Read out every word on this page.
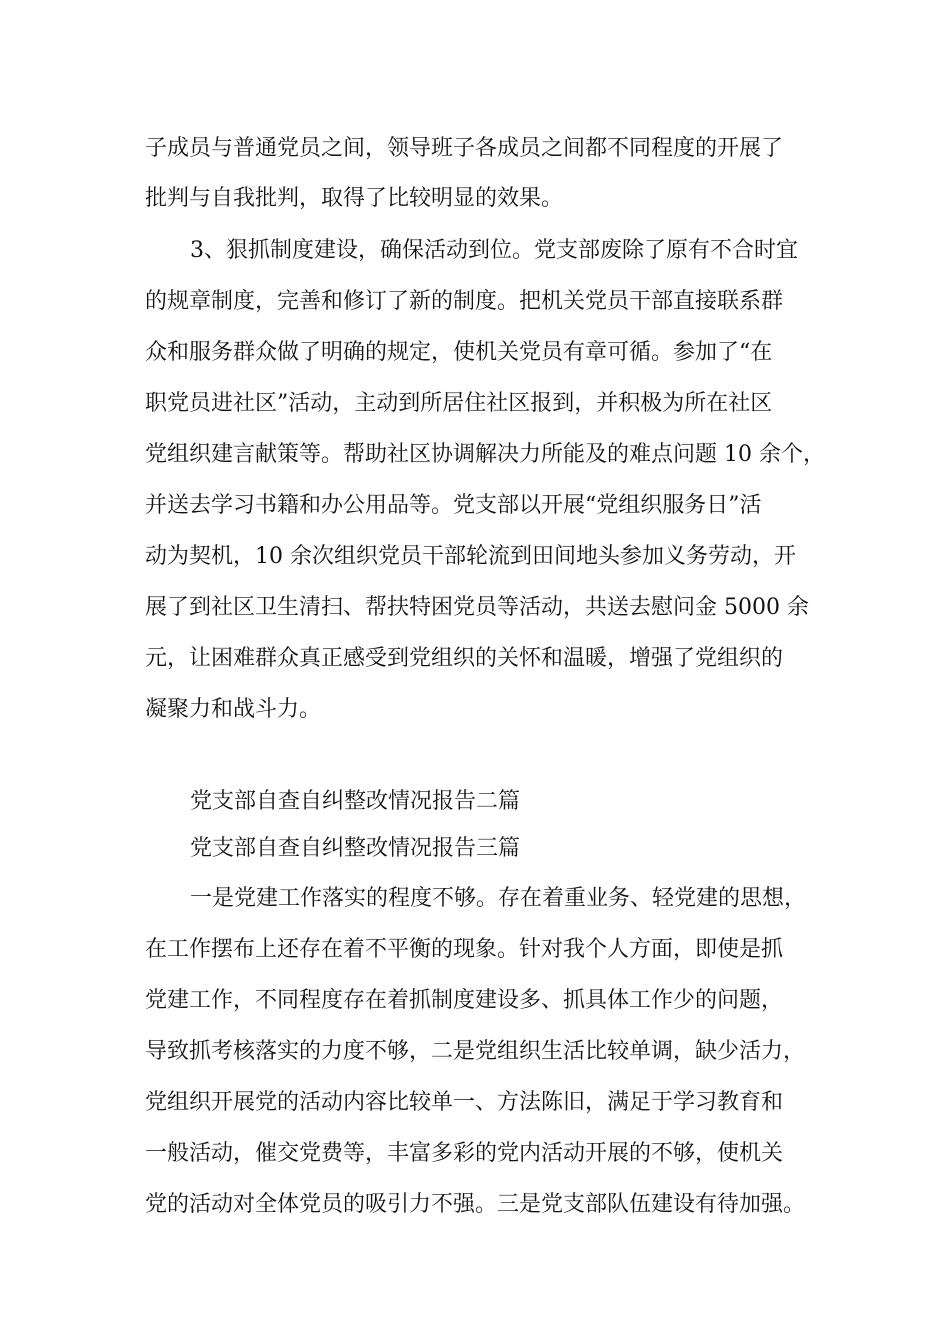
子成员与普通党员之间，领导班子各成员之间都不同程度的开展了
批判与自我批判，取得了比较明显的效果。
3、狠抓制度建设，确保活动到位。党支部废除了原有不合时宜
的规章制度，完善和修订了新的制度。把机关党员干部直接联系群
众和服务群众做了明确的规定，使机关党员有章可循。参加了“在
职党员进社区”活动，主动到所居住社区报到，并积极为所在社区
党组织建言献策等。帮助社区协调解决力所能及的难点问题 10 余个，
并送去学习书籍和办公用品等。党支部以开展“党组织服务日”活
动为契机，10 余次组织党员干部轮流到田间地头参加义务劳动，开
展了到社区卫生清扫、帮扶特困党员等活动，共送去慰问金 5000 余
元，让困难群众真正感受到党组织的关怀和温暖，增强了党组织的
凝聚力和战斗力。
党支部自查自纠整改情况报告二篇
党支部自查自纠整改情况报告三篇
一是党建工作落实的程度不够。存在着重业务、轻党建的思想，
在工作摆布上还存在着不平衡的现象。针对我个人方面，即使是抓
党建工作，不同程度存在着抓制度建设多、抓具体工作少的问题，
导致抓考核落实的力度不够，二是党组织生活比较单调，缺少活力，
党组织开展党的活动内容比较单一、方法陈旧，满足于学习教育和
一般活动，催交党费等，丰富多彩的党内活动开展的不够，使机关
党的活动对全体党员的吸引力不强。三是党支部队伍建设有待加强。
